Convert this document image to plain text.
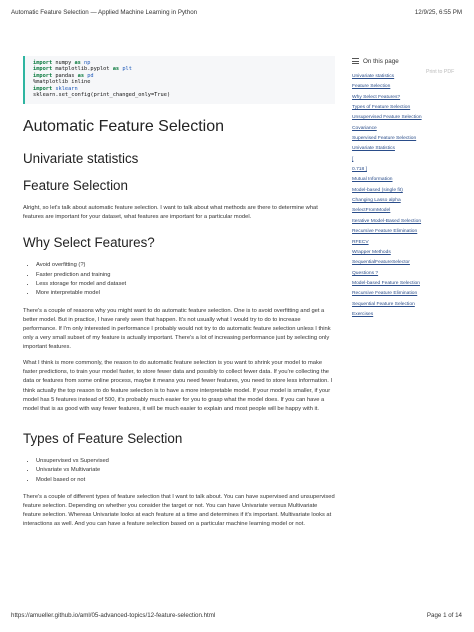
Automatic Feature Selection — Applied Machine Learning in Python	12/9/25, 6:55 PM
import numpy as np
import matplotlib.pyplot as plt
import pandas as pd
%matplotlib inline
import sklearn
sklearn.set_config(print_changed_only=True)
Automatic Feature Selection
Univariate statistics
Feature Selection

Alright, so let's talk about automatic feature selection. I want to talk about what methods are there to determine what features are important for your dataset, what features are important for a particular model.

Why Select Features?
• Avoid overfitting (?)
• Faster prediction and training
• Less storage for model and dataset
• More interpretable model

There's a couple of reasons why you might want to do automatic feature selection. One is to avoid overfitting and get a better model. But in practice, I have rarely seen that happen. It's not usually what I would try to do to increase performance. If I'm only interested in performance I probably would not try to do automatic feature selection unless I think only a very small subset of my feature is actually important. There's a lot of increasing performance just by selecting only important features.

What I think is more commonly, the reason to do automatic feature selection is you want to shrink your model to make faster predictions, to train your model faster, to store fewer data and possibly to collect fewer data. If you're collecting the data or features from some online process, maybe it means you need fewer features, you need to store less information. I think actually the top reason to do feature selection is to have a more interpretable model. If your model is smaller, if your model has 5 features instead of 500, it's probably much easier for you to grasp what the model does. If you can have a model that is as good with way fewer features, it will be much easier to explain and most people will be happy with it.

Types of Feature Selection
• Unsupervised vs Supervised
• Univariate vs Multivariate
• Model based or not

There's a couple of different types of feature selection that I want to talk about. You can have supervised and unsupervised feature selection. Depending on whether you consider the target or not. You can have Univariate versus Multivariate feature selection. Whereas Univariate looks at each feature at a time and determines if it's important. Multivariate looks at interactions as well. And you can have a feature selection based on a particular machine learning model or not.

On this page
Print to PDF
Univariate statistics
Feature Selection
Why Select Features?
Types of Feature Selection
Unsupervised Feature Selection
Covariance
Supervised Feature Selection
Univariate Statistics
[
0.718 ]
Mutual Information
Model-based (single fit)
Changing Lasso alpha
SelectFromModel
Iterative Model-Based Selection
Recursive Feature Elimination
RFECV
Wrapper Methods
SequentialFeatureSelector
Questions ?
Model-based Feature Selection
Recursive Feature Elimination
Sequential Feature Selection
Exercises
https://amueller.github.io/aml/05-advanced-topics/12-feature-selection.html	Page 1 of 14
